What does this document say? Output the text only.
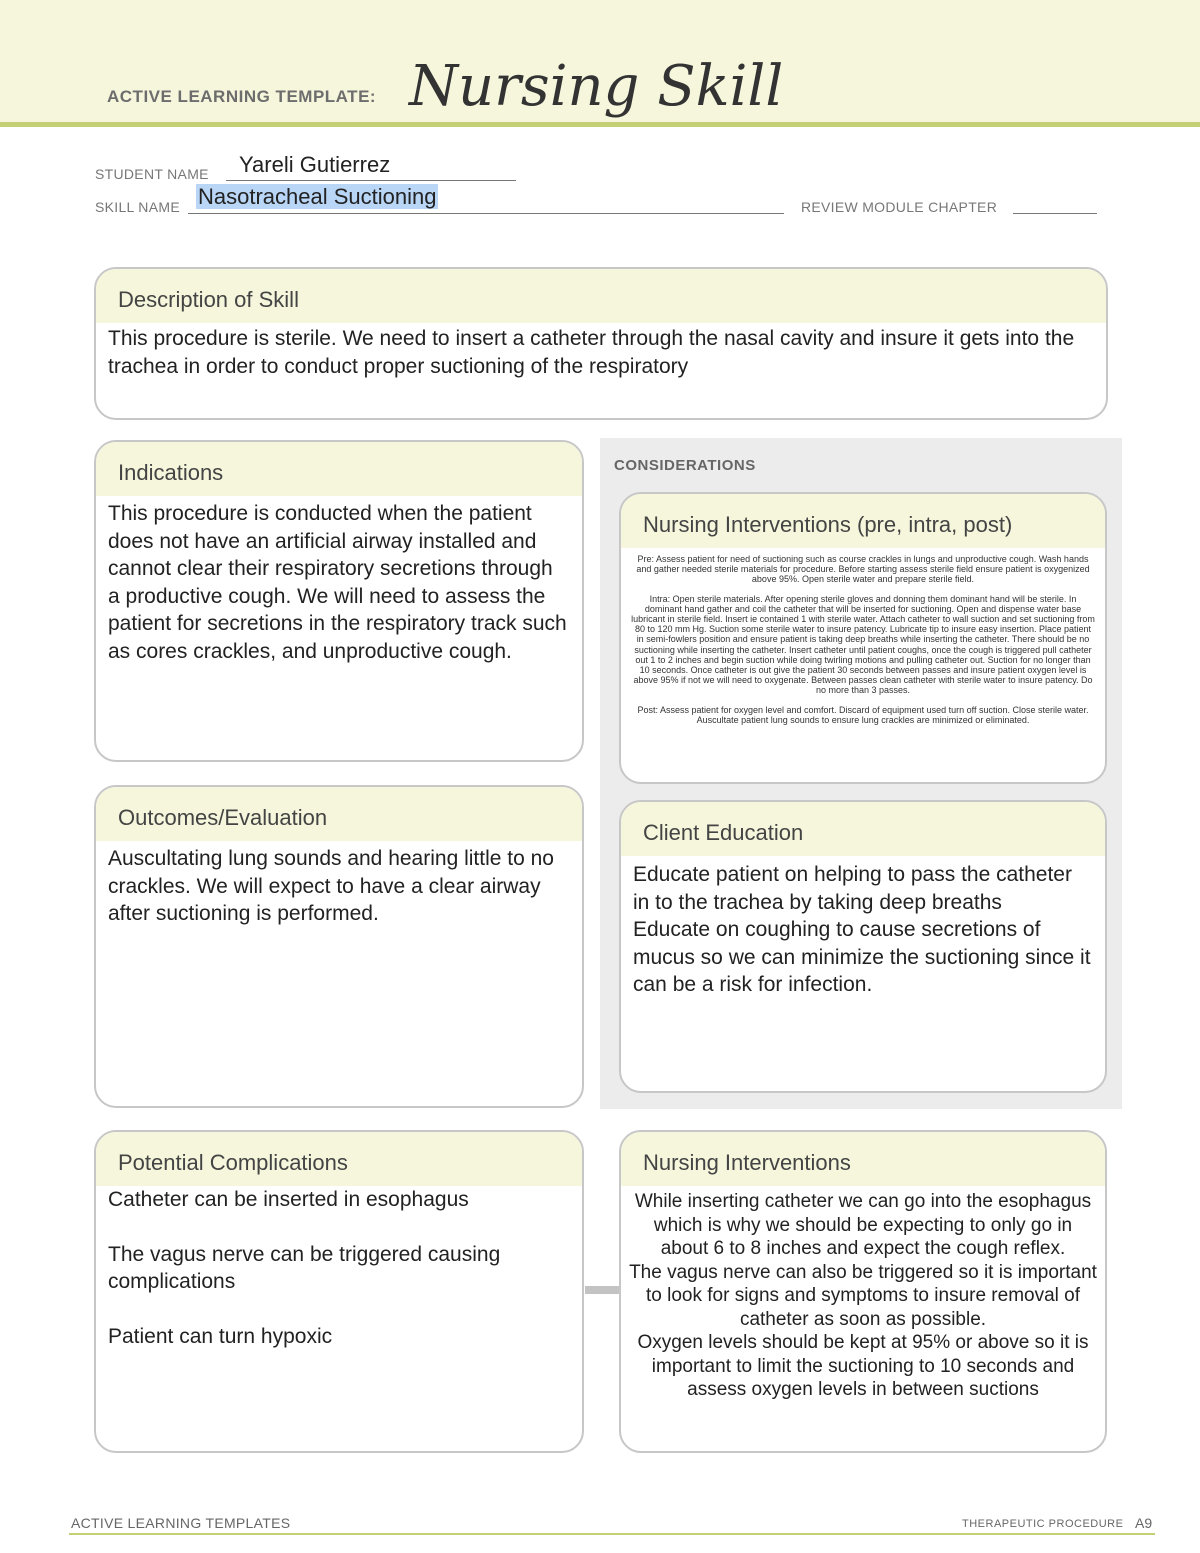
ACTIVE LEARNING TEMPLATE: Nursing Skill
STUDENT NAME Yareli Gutierrez
SKILL NAME Nasotracheal Suctioning	REVIEW MODULE CHAPTER
Description of Skill
This procedure is sterile. We need to insert a catheter through the nasal cavity and insure it gets into the trachea in order to conduct proper suctioning of the respiratory
Indications
This procedure is conducted when the patient does not have an artificial airway installed and cannot clear their respiratory secretions through a productive cough. We will need to assess the patient for secretions in the respiratory track such as cores crackles, and unproductive cough.
Outcomes/Evaluation
Auscultating lung sounds and hearing little to no crackles. We will expect to have a clear airway after suctioning is performed.
CONSIDERATIONS
Nursing Interventions (pre, intra, post)

Pre: Assess patient for need of suctioning such as course crackles in lungs and unproductive cough. Wash hands and gather needed sterile materials for procedure. Before starting assess sterile field ensure patient is oxygenized above 95%. Open sterile water and prepare sterile field.

Intra: Open sterile materials. After opening sterile gloves and donning them dominant hand will be sterile. In dominant hand gather and coil the catheter that will be inserted for suctioning. Open and dispense water base lubricant in sterile field. Insert ie contained 1 with sterile water. Attach catheter to wall suction and set suctioning from 80 to 120 mm Hg. Suction some sterile water to insure patency. Lubricate tip to insure easy insertion. Place patient in semi-fowlers position and ensure patient is taking deep breaths while inserting the catheter. There should be no suctioning while inserting the catheter. Insert catheter until patient coughs, once the cough is triggered pull catheter out 1 to 2 inches and begin suction while doing twirling motions and pulling catheter out. Suction for no longer than 10 seconds. Once catheter is out give the patient 30 seconds between passes and insure patient oxygen level is above 95% if not we will need to oxygenate. Between passes clean catheter with sterile water to insure patency. Do no more than 3 passes.

Post: Assess patient for oxygen level and comfort. Discard of equipment used turn off suction. Close sterile water. Auscultate patient lung sounds to ensure lung crackles are minimized or eliminated.

Client Education
Educate patient on helping to pass the catheter in to the trachea by taking deep breaths
Educate on coughing to cause secretions of mucus so we can minimize the suctioning since it can be a risk for infection.
Potential Complications
Catheter can be inserted in esophagus
The vagus nerve can be triggered causing complications
Patient can turn hypoxic
Nursing Interventions
While inserting catheter we can go into the esophagus which is why we should be expecting to only go in about 6 to 8 inches and expect the cough reflex.
The vagus nerve can also be triggered so it is important to look for signs and symptoms to insure removal of catheter as soon as possible.
Oxygen levels should be kept at 95% or above so it is important to limit the suctioning to 10 seconds and assess oxygen levels in between suctions
ACTIVE LEARNING TEMPLATES	THERAPEUTIC PROCEDURE A9
